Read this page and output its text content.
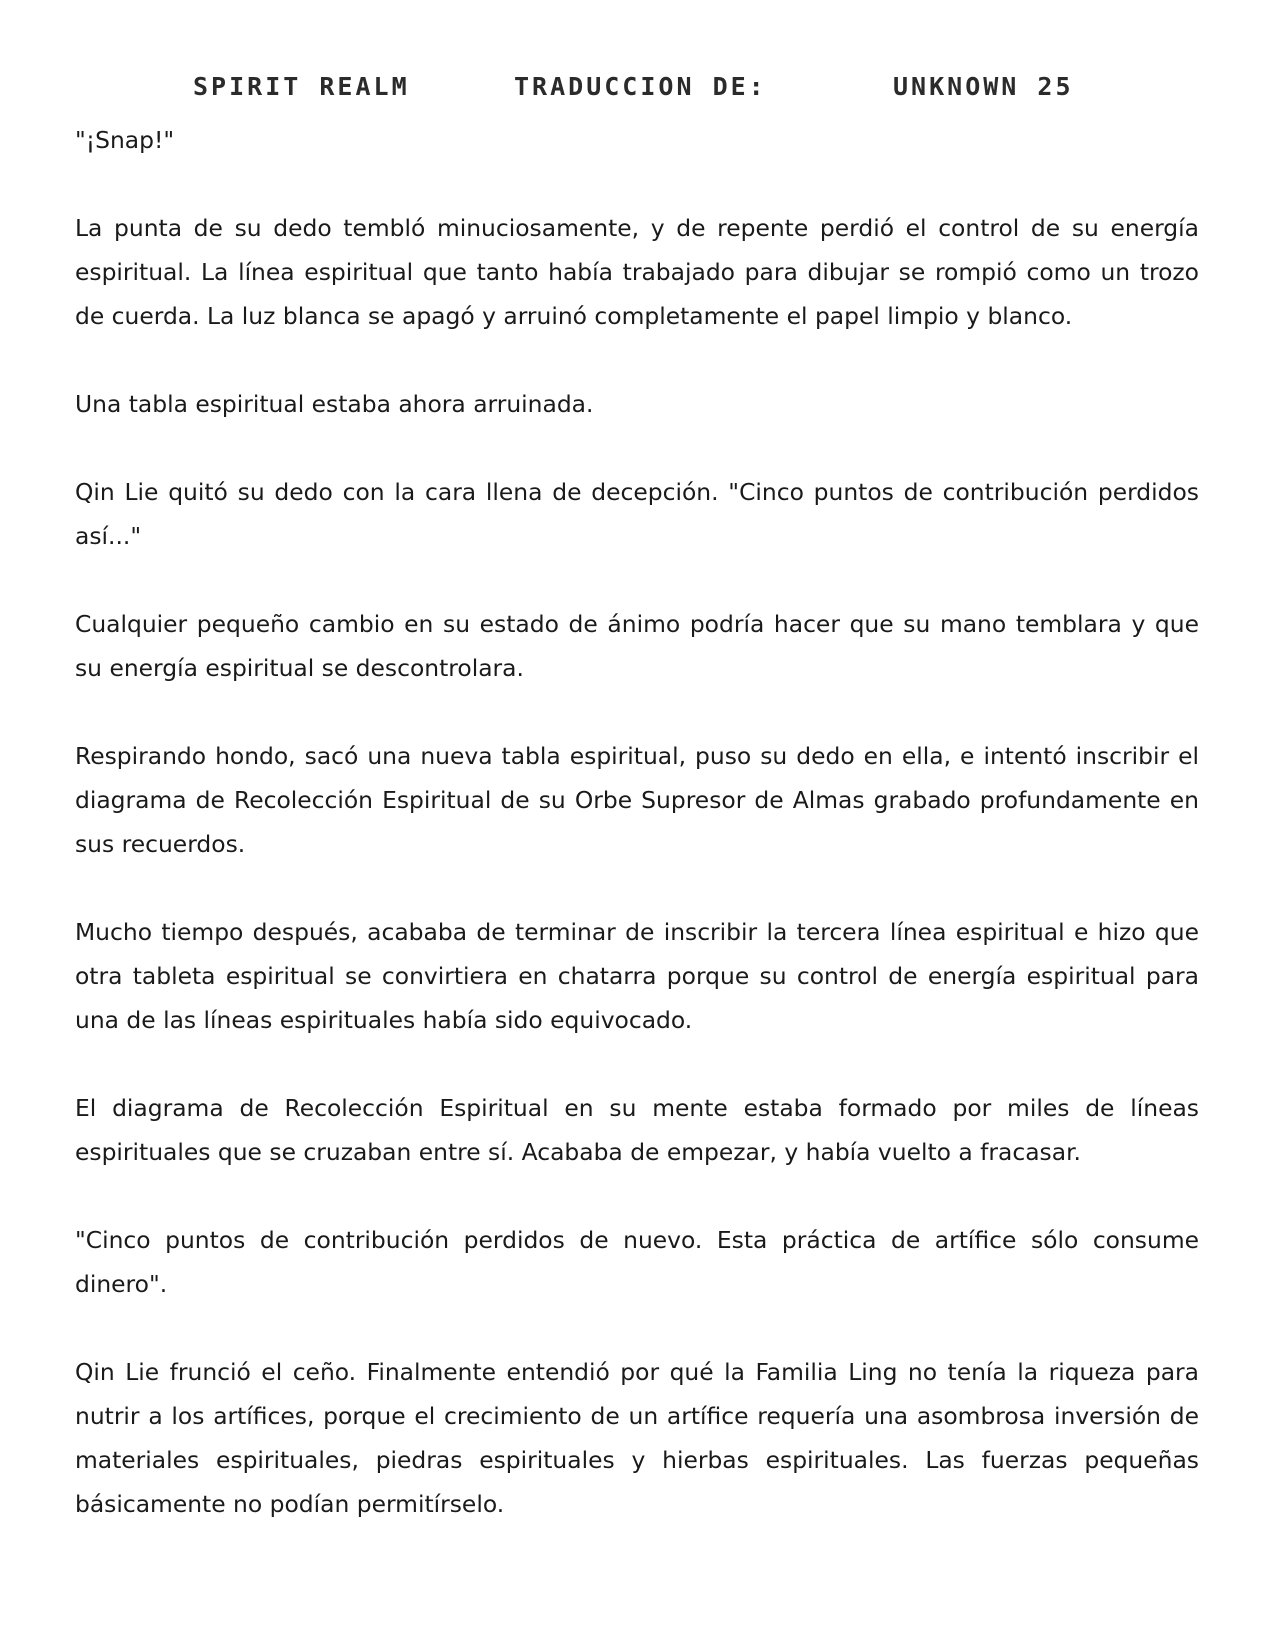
SPIRIT REALM	TRADUCCION DE:	UNKNOWN 25

"¡Snap!"

La punta de su dedo tembló minuciosamente, y de repente perdió el control de su energía espiritual. La línea espiritual que tanto había trabajado para dibujar se rompió como un trozo de cuerda. La luz blanca se apagó y arruinó completamente el papel limpio y blanco.

Una tabla espiritual estaba ahora arruinada.

Qin Lie quitó su dedo con la cara llena de decepción. "Cinco puntos de contribución perdidos así..."

Cualquier pequeño cambio en su estado de ánimo podría hacer que su mano temblara y que su energía espiritual se descontrolara.

Respirando hondo, sacó una nueva tabla espiritual, puso su dedo en ella, e intentó inscribir el diagrama de Recolección Espiritual de su Orbe Supresor de Almas grabado profundamente en sus recuerdos.

Mucho tiempo después, acababa de terminar de inscribir la tercera línea espiritual e hizo que otra tableta espiritual se convirtiera en chatarra porque su control de energía espiritual para una de las líneas espirituales había sido equivocado.

El diagrama de Recolección Espiritual en su mente estaba formado por miles de líneas espirituales que se cruzaban entre sí. Acababa de empezar, y había vuelto a fracasar.

"Cinco puntos de contribución perdidos de nuevo. Esta práctica de artífice sólo consume dinero".

Qin Lie frunció el ceño. Finalmente entendió por qué la Familia Ling no tenía la riqueza para nutrir a los artífices, porque el crecimiento de un artífice requería una asombrosa inversión de materiales espirituales, piedras espirituales y hierbas espirituales. Las fuerzas pequeñas básicamente no podían permitírselo.
